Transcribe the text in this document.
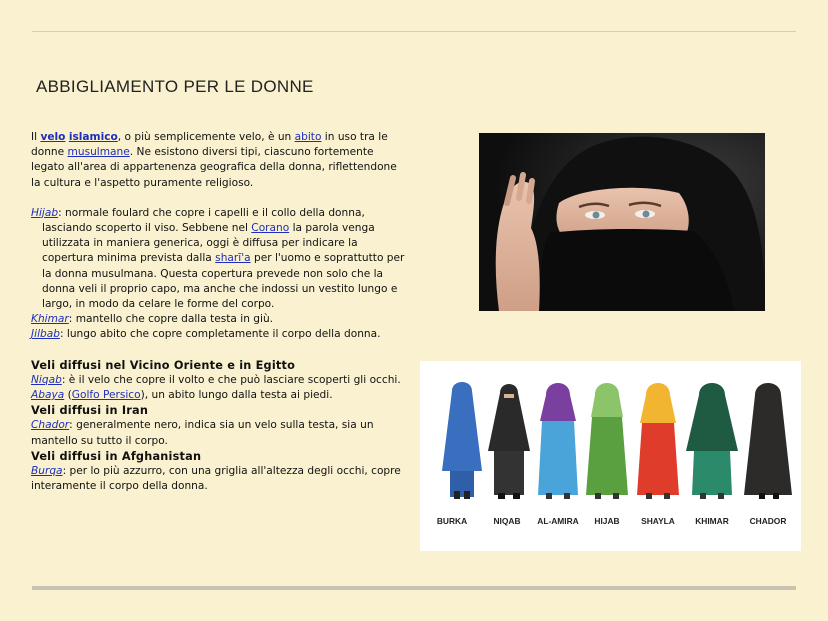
ABBIGLIAMENTO PER LE DONNE

Il velo islamico, o più semplicemente velo, è un abito in uso tra le donne musulmane. Ne esistono diversi tipi, ciascuno fortemente legato all'area di appartenenza geografica della donna, riflettendone la cultura e l'aspetto puramente religioso.

Hijab: normale foulard che copre i capelli e il collo della donna, lasciando scoperto il viso. Sebbene nel Corano la parola venga utilizzata in maniera generica, oggi è diffusa per indicare la copertura minima prevista dalla sharī'a per l'uomo e soprattutto per la donna musulmana. Questa copertura prevede non solo che la donna veli il proprio capo, ma anche che indossi un vestito lungo e largo, in modo da celare le forme del corpo.

Khimar: mantello che copre dalla testa in giù.

Jilbab: lungo abito che copre completamente il corpo della donna.

Veli diffusi nel Vicino Oriente e in Egitto

Niqab: è il velo che copre il volto e che può lasciare scoperti gli occhi.

Abaya (Golfo Persico), un abito lungo dalla testa ai piedi.

Veli diffusi in Iran

Chador: generalmente nero, indica sia un velo sulla testa, sia un mantello su tutto il corpo.

Veli diffusi in Afghanistan

Burqa: per lo più azzurro, con una griglia all'altezza degli occhi, copre interamente il corpo della donna.

BURKA	NIQAB AL-AMIRA HIJAB	SHAYLA KHIMAR CHADOR
